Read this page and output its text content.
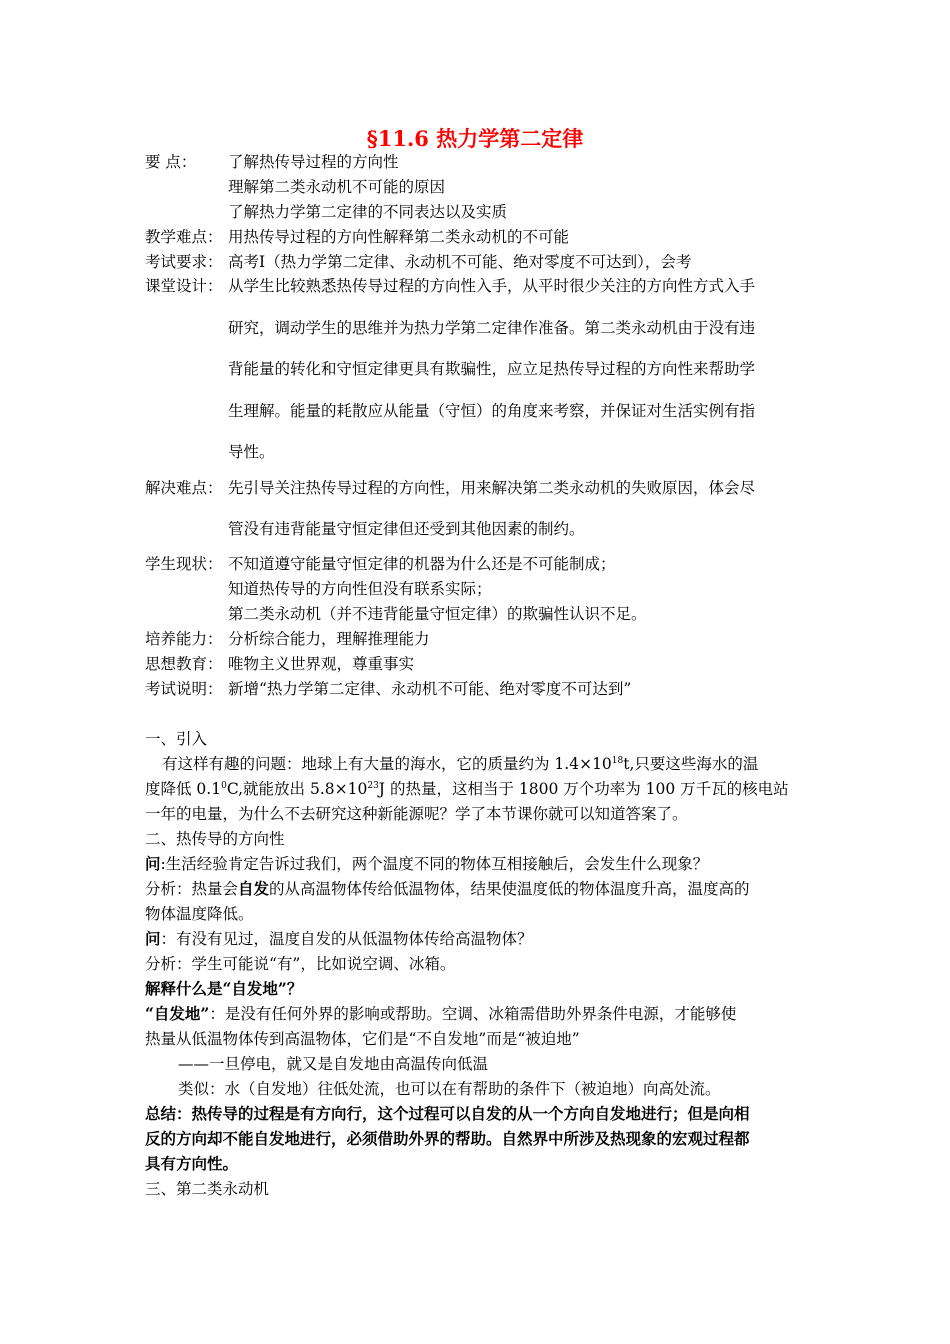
§11.6 热力学第二定律
要 点： 了解热传导过程的方向性
理解第二类永动机不可能的原因
了解热力学第二定律的不同表达以及实质
教学难点： 用热传导过程的方向性解释第二类永动机的不可能
考试要求： 高考Ⅰ（热力学第二定律、永动机不可能、绝对零度不可达到），会考
课堂设计： 从学生比较熟悉热传导过程的方向性入手，从平时很少关注的方向性方式入手
研究，调动学生的思维并为热力学第二定律作准备。第二类永动机由于没有违
背能量的转化和守恒定律更具有欺骗性，应立足热传导过程的方向性来帮助学
生理解。能量的耗散应从能量（守恒）的角度来考察，并保证对生活实例有指
导性。
解决难点： 先引导关注热传导过程的方向性，用来解决第二类永动机的失败原因，体会尽
管没有违背能量守恒定律但还受到其他因素的制约。
学生现状： 不知道遵守能量守恒定律的机器为什么还是不可能制成；
知道热传导的方向性但没有联系实际；
第二类永动机（并不违背能量守恒定律）的欺骗性认识不足。
培养能力： 分析综合能力，理解推理能力
思想教育： 唯物主义世界观，尊重事实
考试说明： 新增“热力学第二定律、永动机不可能、绝对零度不可达到”
一、引入
有这样有趣的问题：地球上有大量的海水，它的质量约为 $1.4\times 10^{18}t$,只要这些海水的温
度降低 $0.1^0C$,就能放出 $5.8\times 10^{23}J$ 的热量，这相当于 1800 万个功率为 100 万千瓦的核电站
一年的电量，为什么不去研究这种新能源呢？学了本节课你就可以知道答案了。
二、热传导的方向性
问:生活经验肯定告诉过我们，两个温度不同的物体互相接触后，会发生什么现象？
分析：热量会自发的从高温物体传给低温物体，结果使温度低的物体温度升高，温度高的
物体温度降低。
问：有没有见过，温度自发的从低温物体传给高温物体？
分析：学生可能说“有”，比如说空调、冰箱。
解释什么是“自发地”？
“自发地”：是没有任何外界的影响或帮助。空调、冰箱需借助外界条件电源，才能够使
热量从低温物体传到高温物体，它们是“不自发地”而是“被迫地”
——一旦停电，就又是自发地由高温传向低温
类似：水（自发地）往低处流，也可以在有帮助的条件下（被迫地）向高处流。
总结：热传导的过程是有方向行，这个过程可以自发的从一个方向自发地进行；但是向相
反的方向却不能自发地进行，必须借助外界的帮助。自然界中所涉及热现象的宏观过程都
具有方向性。
三、第二类永动机
